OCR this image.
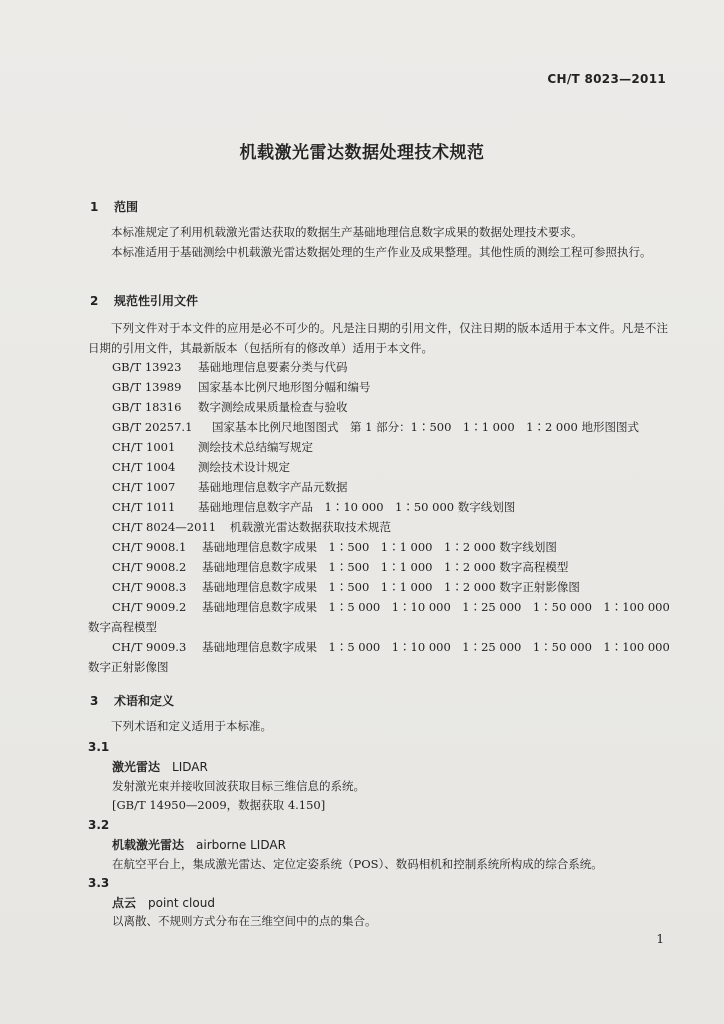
CH/T 8023—2011
机载激光雷达数据处理技术规范
1 范围
本标准规定了利用机载激光雷达获取的数据生产基础地理信息数字成果的数据处理技术要求。
本标准适用于基础测绘中机载激光雷达数据处理的生产作业及成果整理。其他性质的测绘工程可参照执行。
2 规范性引用文件
下列文件对于本文件的应用是必不可少的。凡是注日期的引用文件，仅注日期的版本适用于本文件。凡是不注日期的引用文件，其最新版本（包括所有的修改单）适用于本文件。
GB/T 13923 基础地理信息要素分类与代码
GB/T 13989 国家基本比例尺地形图分幅和编号
GB/T 18316 数字测绘成果质量检查与验收
GB/T 20257.1 国家基本比例尺地图图式　第 1 部分：1∶500　1∶1 000　1∶2 000 地形图图式
CH/T 1001 测绘技术总结编写规定
CH/T 1004 测绘技术设计规定
CH/T 1007 基础地理信息数字产品元数据
CH/T 1011 基础地理信息数字产品　1∶10 000　1∶50 000 数字线划图
CH/T 8024—2011 机载激光雷达数据获取技术规范
CH/T 9008.1 基础地理信息数字成果　1∶500　1∶1 000　1∶2 000 数字线划图
CH/T 9008.2 基础地理信息数字成果　1∶500　1∶1 000　1∶2 000 数字高程模型
CH/T 9008.3 基础地理信息数字成果　1∶500　1∶1 000　1∶2 000 数字正射影像图
CH/T 9009.2 基础地理信息数字成果　1∶5 000　1∶10 000　1∶25 000　1∶50 000　1∶100 000
数字高程模型
CH/T 9009.3 基础地理信息数字成果　1∶5 000　1∶10 000　1∶25 000　1∶50 000　1∶100 000
数字正射影像图
3 术语和定义
下列术语和定义适用于本标准。
3.1
激光雷达 LIDAR
发射激光束并接收回波获取目标三维信息的系统。
[GB/T 14950—2009，数据获取 4.150]
3.2
机载激光雷达 airborne LIDAR
在航空平台上，集成激光雷达、定位定姿系统（POS）、数码相机和控制系统所构成的综合系统。
3.3
点云 point cloud
以离散、不规则方式分布在三维空间中的点的集合。
1
